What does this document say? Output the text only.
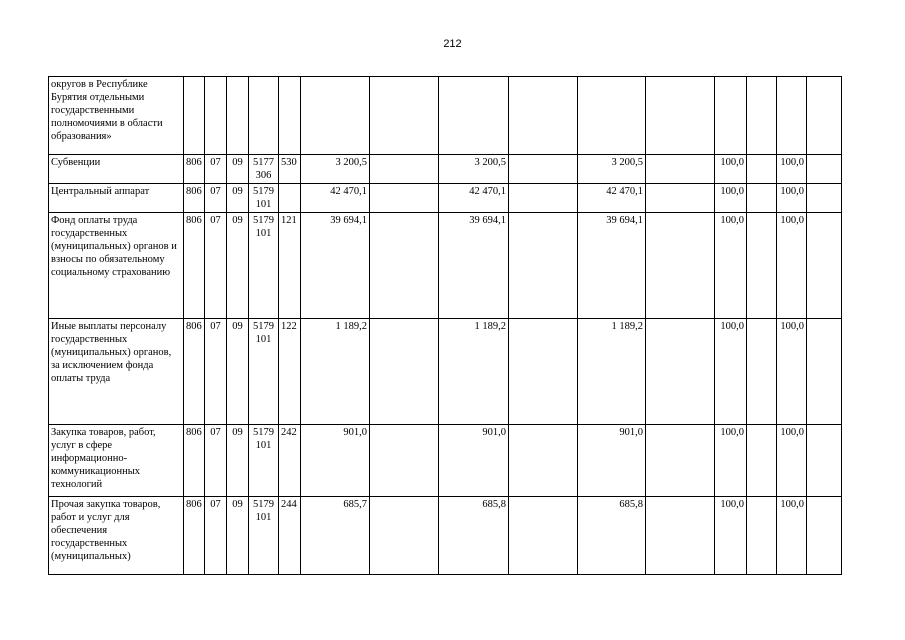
212
округов в Республике Бурятия отдельными государственными полномочиями в области образования»															
Субвенции	806	07	09	5177 306	530	3 200,5		3 200,5		3 200,5		100,0		100,0	
Центральный аппарат	806	07	09	5179 101		42 470,1		42 470,1		42 470,1		100,0		100,0	
Фонд оплаты труда государственных (муниципальных) органов и взносы по обязательному социальному страхованию	806	07	09	5179 101	121	39 694,1		39 694,1		39 694,1		100,0		100,0	
Иные выплаты персоналу государственных (муниципальных) органов, за исключением фонда оплаты труда	806	07	09	5179 101	122	1 189,2		1 189,2		1 189,2		100,0		100,0	
Закупка товаров, работ, услуг в сфере информационно-коммуникационных технологий	806	07	09	5179 101	242	901,0		901,0		901,0		100,0		100,0	
Прочая закупка товаров, работ и услуг для обеспечения государственных (муниципальных)	806	07	09	5179 101	244	685,7		685,8		685,8		100,0		100,0	
